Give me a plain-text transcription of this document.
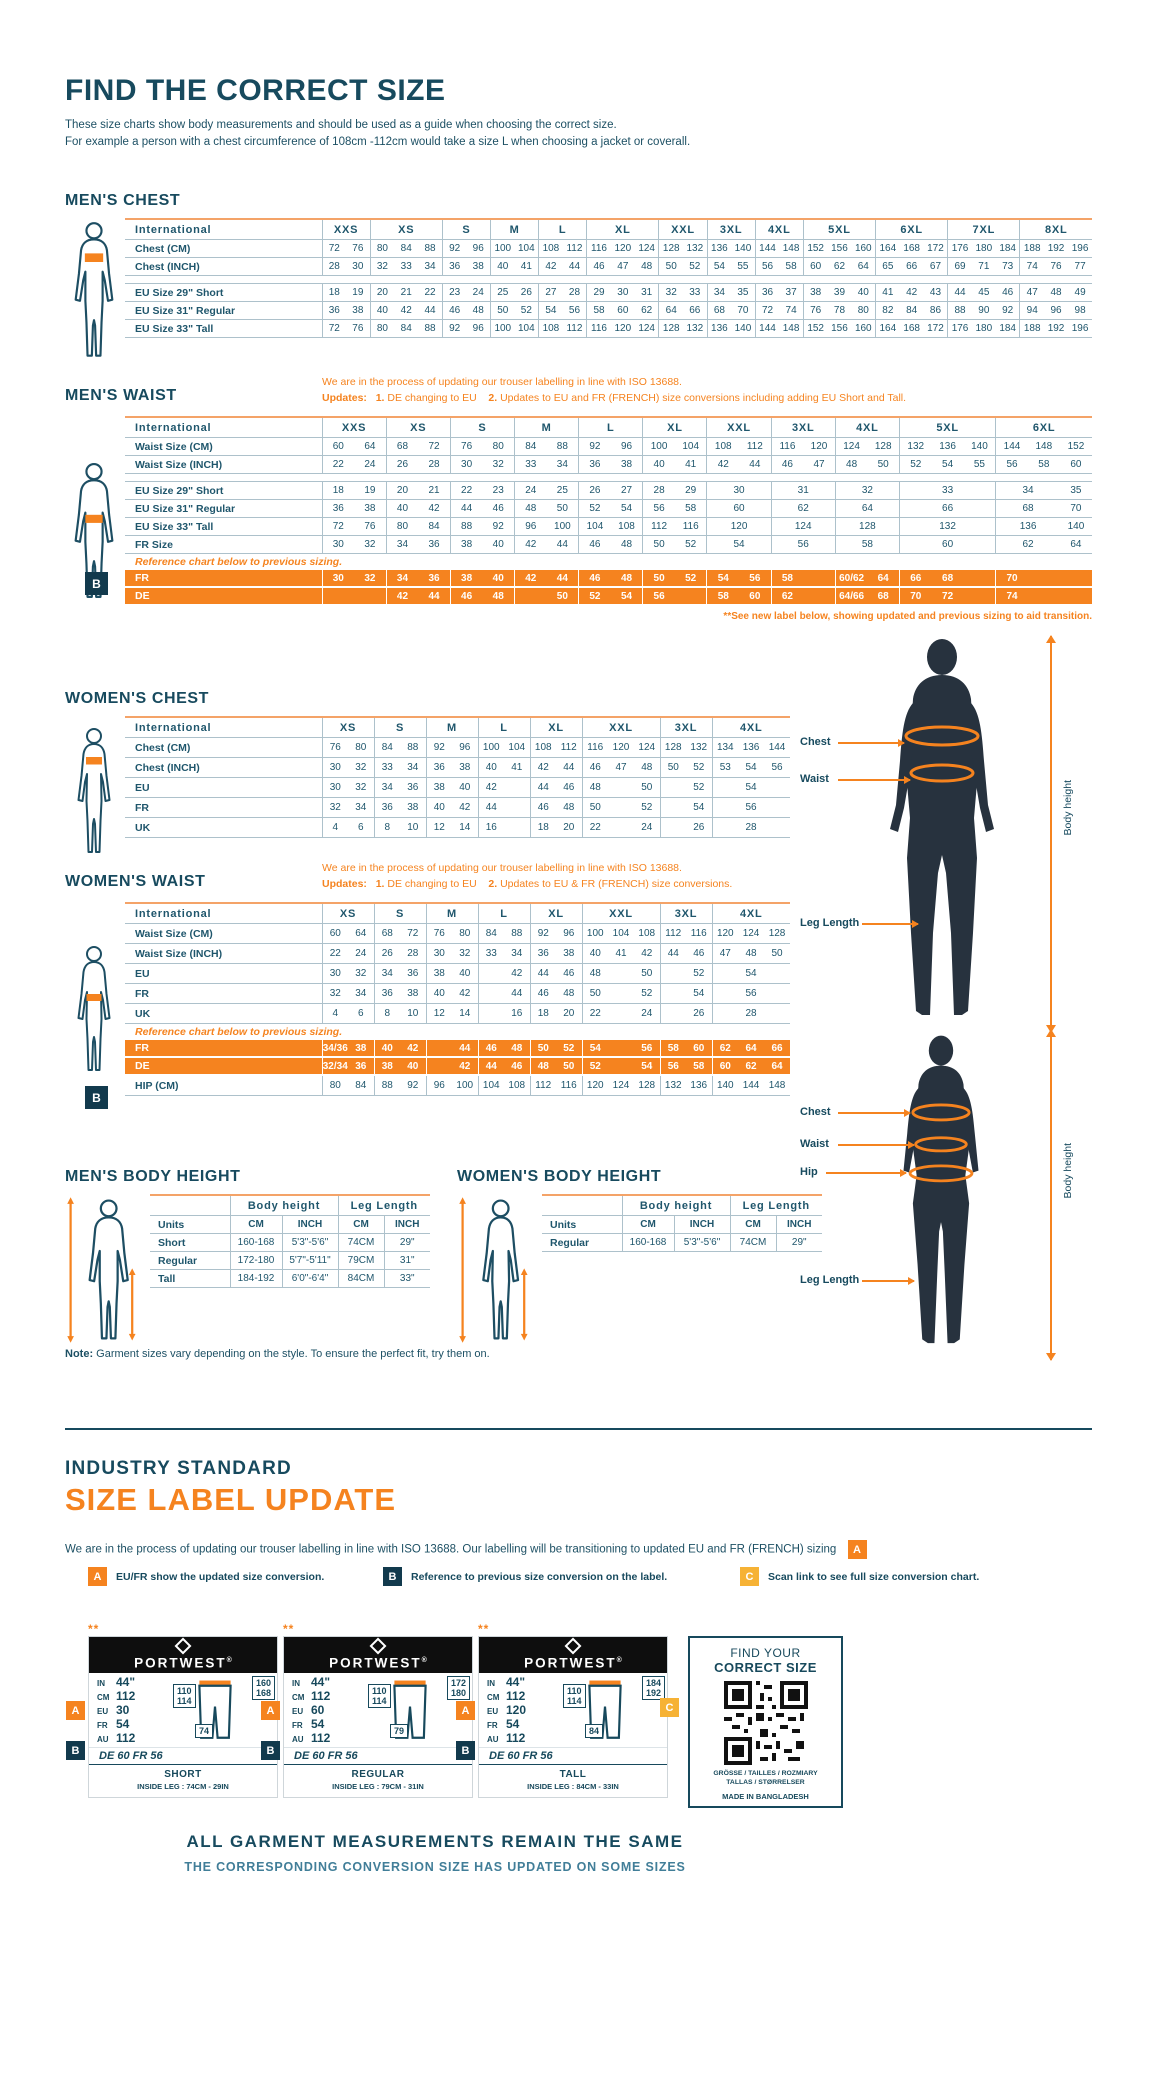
FIND THE CORRECT SIZE
These size charts show body measurements and should be used as a guide when choosing the correct size.
For example a person with a chest circumference of 108cm -112cm would take a size L when choosing a jacket or coverall.
MEN'S CHEST
International	XXS		XS			S		M		L		XL			XXL		3XL		4XL		5XL			6XL			7XL			8XL		
Chest (CM)	72	76	80	84	88	92	96	100	104	108	112	116	120	124	128	132	136	140	144	148	152	156	160	164	168	172	176	180	184	188	192	196
Chest (INCH)	28	30	32	33	34	36	38	40	41	42	44	46	47	48	50	52	54	55	56	58	60	62	64	65	66	67	69	71	73	74	76	77

EU Size 29" Short	18	19	20	21	22	23	24	25	26	27	28	29	30	31	32	33	34	35	36	37	38	39	40	41	42	43	44	45	46	47	48	49
EU Size 31" Regular	36	38	40	42	44	46	48	50	52	54	56	58	60	62	64	66	68	70	72	74	76	78	80	82	84	86	88	90	92	94	96	98
EU Size 33" Tall	72	76	80	84	88	92	96	100	104	108	112	116	120	124	128	132	136	140	144	148	152	156	160	164	168	172	176	180	184	188	192	196
We are in the process of updating our trouser labelling in line with ISO 13688.
Updates: 1. DE changing to EU 2. Updates to EU and FR (FRENCH) size conversions including adding EU Short and Tall.
MEN'S WAIST
International	XXS		XS		S		M		L		XL		XXL		3XL		4XL		5XL			6XL		
Waist Size (CM)	60	64	68	72	76	80	84	88	92	96	100	104	108	112	116	120	124	128	132	136	140	144	148	152
Waist Size (INCH)	22	24	26	28	30	32	33	34	36	38	40	41	42	44	46	47	48	50	52	54	55	56	58	60

EU Size 29" Short	18	19	20	21	22	23	24	25	26	27	28	29	30		31		32		33			34		35
EU Size 31" Regular	36	38	40	42	44	46	48	50	52	54	56	58	60		62		64		66			68		70
EU Size 33" Tall	72	76	80	84	88	92	96	100	104	108	112	116	120		124		128		132			136		140
FR Size	30	32	34	36	38	40	42	44	46	48	50	52	54		56		58		60			62		64
Reference chart below to previous sizing.																								
FR	30	32	34	36	38	40	42	44	46	48	50	52	54	56	58		60/62	64	66	68		70		
DE			42	44	46	48		50	52	54	56		58	60	62		64/66	68	70	72		74		
B
**See new label below, showing updated and previous sizing to aid transition.
WOMEN'S CHEST
International	XS		S		M		L		XL		XXL			3XL		4XL		
Chest (CM)	76	80	84	88	92	96	100	104	108	112	116	120	124	128	132	134	136	144
Chest (INCH)	30	32	33	34	36	38	40	41	42	44	46	47	48	50	52	53	54	56
EU	30	32	34	36	38	40	42		44	46	48		50		52		54	
FR	32	34	36	38	40	42	44		46	48	50		52		54		56	
UK	4	6	8	10	12	14	16		18	20	22		24		26		28	
We are in the process of updating our trouser labelling in line with ISO 13688.
Updates: 1. DE changing to EU 2. Updates to EU & FR (FRENCH) size conversions.
WOMEN'S WAIST
International	XS		S		M		L		XL		XXL			3XL		4XL		
Waist Size (CM)	60	64	68	72	76	80	84	88	92	96	100	104	108	112	116	120	124	128
Waist Size (INCH)	22	24	26	28	30	32	33	34	36	38	40	41	42	44	46	47	48	50
EU	30	32	34	36	38	40		42	44	46	48		50		52		54	
FR	32	34	36	38	40	42		44	46	48	50		52		54		56	
UK	4	6	8	10	12	14		16	18	20	22		24		26		28	
Reference chart below to previous sizing.																		
FR	34/36	38	40	42		44	46	48	50	52	54		56	58	60	62	64	66
DE	32/34	36	38	40		42	44	46	48	50	52		54	56	58	60	62	64
HIP (CM)	80	84	88	92	96	100	104	108	112	116	120	124	128	132	136	140	144	148
B
Chest
Waist
Leg Length
Body height
Chest
Waist
Hip
Leg Length
Body height
MEN'S BODY HEIGHT
	Body height		Leg Length	
Units	CM	INCH	CM	INCH
Short	160-168	5'3"-5'6"	74CM	29"
Regular	172-180	5'7"-5'11"	79CM	31"
Tall	184-192	6'0"-6'4"	84CM	33"
WOMEN'S BODY HEIGHT
	Body height		Leg Length	
Units	CM	INCH	CM	INCH
Regular	160-168	5'3"-5'6"	74CM	29"
Note: Garment sizes vary depending on the style. To ensure the perfect fit, try them on.
INDUSTRY STANDARD
SIZE LABEL UPDATE
We are in the process of updating our trouser labelling in line with ISO 13688. Our labelling will be transitioning to updated EU and FR (FRENCH) sizing A
A	EU/FR show the updated size conversion.	B	Reference to previous size conversion on the label.	C	Scan link to see full size conversion chart.
**
PORTWEST®
IN 44"
CM 112
EU 30
FR 54
AU 112
110
114
160
168
74
DE 60 FR 56
SHORT
INSIDE LEG : 74CM - 29IN
A
B
**
PORTWEST®
IN 44"
CM 112
EU 60
FR 54
AU 112
110
114
172
180
79
DE 60 FR 56
REGULAR
INSIDE LEG : 79CM - 31IN
A
B
**
PORTWEST®
IN 44"
CM 112
EU 120
FR 54
AU 112
110
114
184
192
84
DE 60 FR 56
TALL
INSIDE LEG : 84CM - 33IN
A
B
FIND YOUR
CORRECT SIZE
GRÖSSE / TAILLES / ROZMIARY
TALLAS / STØRRELSER
MADE IN BANGLADESH
C
ALL GARMENT MEASUREMENTS REMAIN THE SAME
THE CORRESPONDING CONVERSION SIZE HAS UPDATED ON SOME SIZES
